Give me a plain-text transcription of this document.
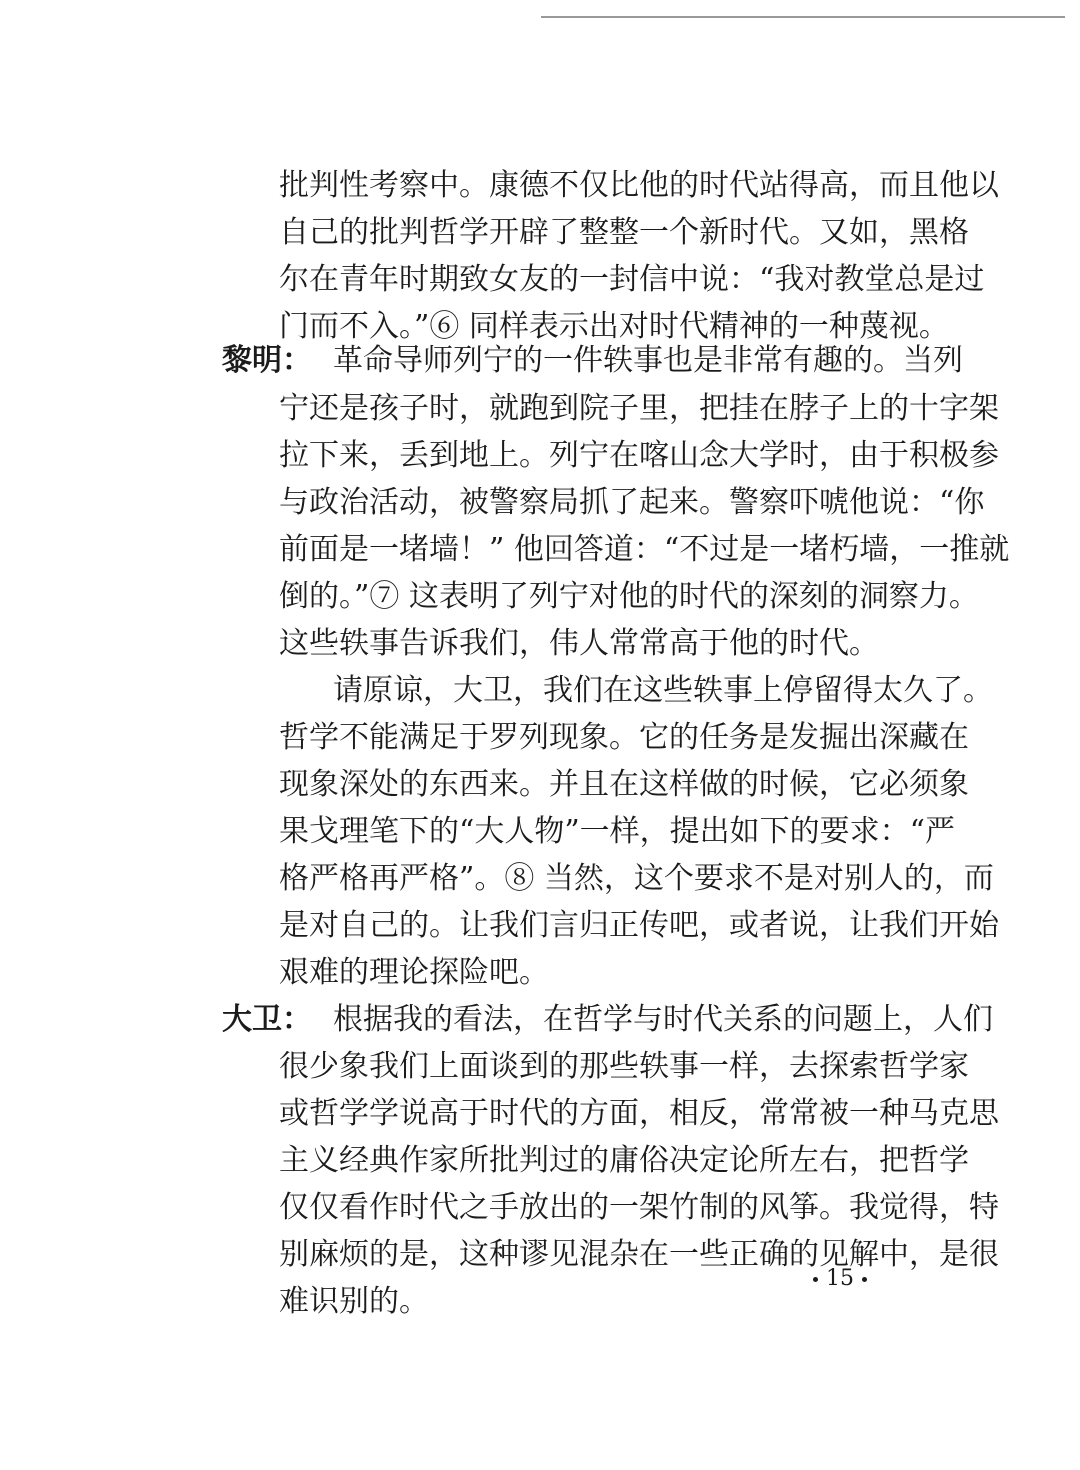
批判性考察中。康德不仅比他的时代站得高，而且他以
自己的批判哲学开辟了整整一个新时代。又如，黑格
尔在青年时期致女友的一封信中说：“我对教堂总是过
门而不入。”⑥ 同样表示出对时代精神的一种蔑视。
黎明： 革命导师列宁的一件轶事也是非常有趣的。当列
宁还是孩子时，就跑到院子里，把挂在脖子上的十字架
拉下来，丢到地上。列宁在喀山念大学时，由于积极参
与政治活动，被警察局抓了起来。警察吓唬他说：“你
前面是一堵墙！” 他回答道：“不过是一堵朽墙，一推就
倒的。”⑦ 这表明了列宁对他的时代的深刻的洞察力。
这些轶事告诉我们，伟人常常高于他的时代。
请原谅，大卫，我们在这些轶事上停留得太久了。
哲学不能满足于罗列现象。它的任务是发掘出深藏在
现象深处的东西来。并且在这样做的时候，它必须象
果戈理笔下的“大人物”一样，提出如下的要求：“严
格严格再严格”。⑧ 当然，这个要求不是对别人的，而
是对自己的。让我们言归正传吧，或者说，让我们开始
艰难的理论探险吧。
大卫： 根据我的看法，在哲学与时代关系的问题上，人们
很少象我们上面谈到的那些轶事一样，去探索哲学家
或哲学学说高于时代的方面，相反，常常被一种马克思
主义经典作家所批判过的庸俗决定论所左右，把哲学
仅仅看作时代之手放出的一架竹制的风筝。我觉得，特
别麻烦的是，这种谬见混杂在一些正确的见解中，是很
难识别的。
15
